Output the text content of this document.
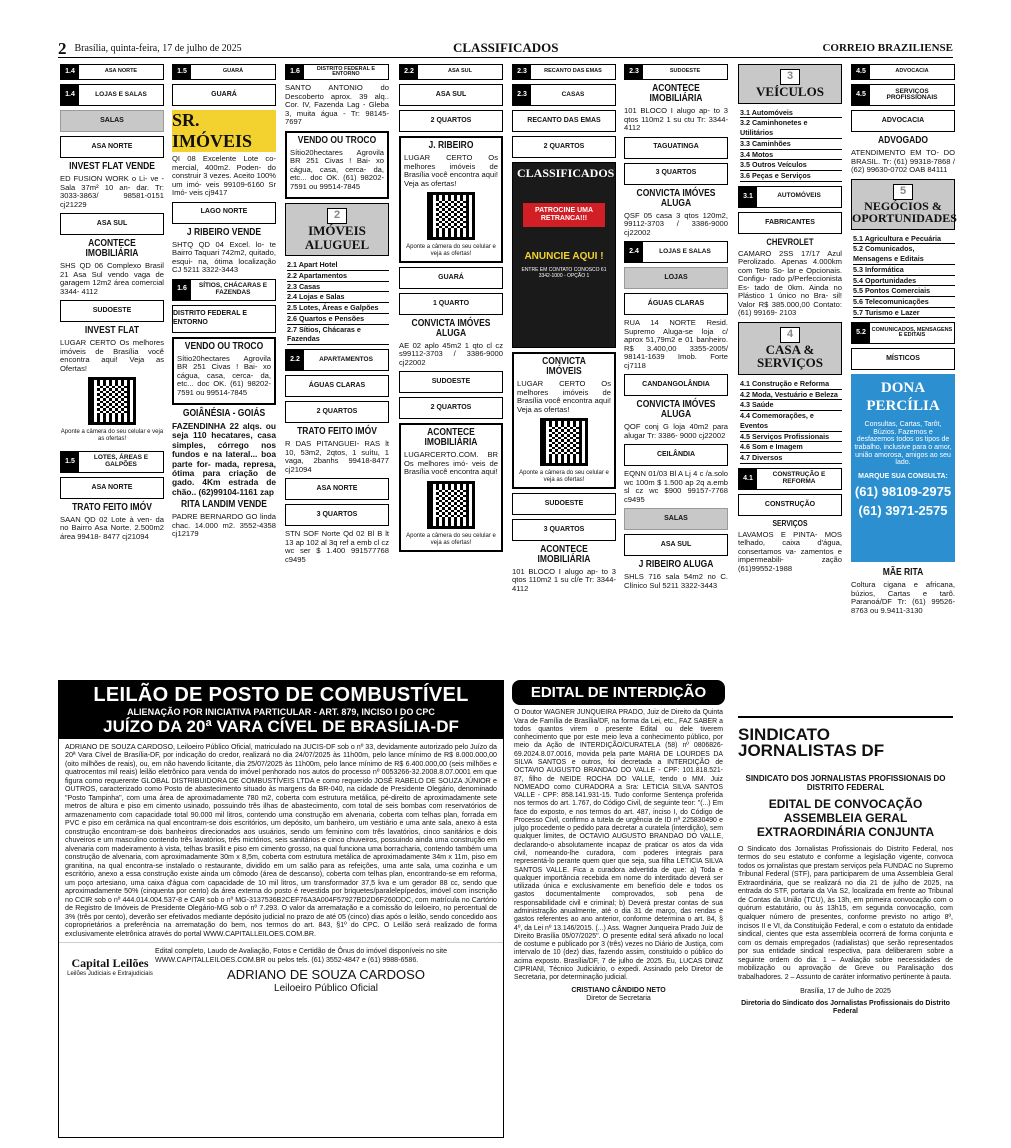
2 Brasília, quinta-feira, 17 de julho de 2025	CLASSIFICADOS	CORREIO BRAZILIENSE
1.4	ASA NORTE
1.4	LOJAS E SALAS
SALAS
ASA NORTE
INVEST FLAT VENDE
ED FUSION WORK o Li- ve - Sala 37m² 10 an- dar. Tr: 3033-3863/ 98581-0151 cj21229
ASA SUL
ACONTECE IMOBILIÁRIA
SHS QD 06 Complexo Brasil 21 Asa Sul vendo vaga de garagem 12m2 área comercial 3344- 4112
SUDOESTE
INVEST FLAT
LUGAR CERTO Os melhores imóveis de Brasília você encontra aqui! Veja as Ofertas!
Aponte a câmera do seu celular e veja as ofertas!
1.5	LOTES, ÁREAS E GALPÕES
ASA NORTE
TRATO FEITO IMÓV
SAAN QD 02 Lote à ven- da no Bairro Asa Norte. 2.500m2 área 99418- 8477 cj21094
1.5	GUARÁ
GUARÁ
SR. IMÓVEIS
QI 08 Excelente Lote co- mercial, 400m2. Poden- do construir 3 vezes. Aceito 100% um imó- veis 99109-6160 Sr Imó- veis cj9417
LAGO NORTE
J RIBEIRO VENDE
SHTQ QD 04 Excel. lo- te Bairro Taquari 742m2, quitado, esqui- na, ótima localização CJ 5211 3322-3443
1.6	SÍTIOS, CHÁCARAS E FAZENDAS
DISTRITO FEDERAL E ENTORNO
VENDO OU TROCO
Sítio20hectares Agrovila BR 251 Civas ! Bai- xo cágua, casa, cerca- da, etc... doc OK. (61) 98202-7591 ou 99514-7845
GOIÂNÉSIA - GOIÁS
FAZENDINHA 22 alqs. ou seja 110 hecatares, casa simples, córrego nos fundos e na lateral... boa parte for- mada, represa, ótima para criação de gado. 4Km estrada de chão.. (62)99104-1161 zap
RITA LANDIM VENDE
PADRE BERNARDO GO linda chac. 14.000 m2. 3552-4358 cj12179
1.6	DISTRITO FEDERAL E ENTORNO
SANTO ANTONIO do Descoberto aprox. 39 alq.. Cor. IV, Fazenda Lag - Gleba 3, muita água - Tr: 98145-7697
VENDO OU TROCO
Sítio20hectares Agrovila BR 251 Civas ! Bai- xo cágua, casa, cerca- da, etc... doc OK. (61) 98202-7591 ou 99514-7845
2
IMÓVEIS ALUGUEL
2.1 Apart Hotel
2.2 Apartamentos
2.3 Casas
2.4 Lojas e Salas
2.5 Lotes, Áreas e Galpões
2.6 Quartos e Pensões
2.7 Sítios, Chácaras e Fazendas
2.2	APARTAMENTOS
ÁGUAS CLARAS
2 QUARTOS
TRATO FEITO IMÓV
R DAS PITANGUEI- RAS lt 10, 53m2, 2qtos, 1 suítu, 1 vaga, 2banhs 99418-8477 cj21094
ASA NORTE
3 QUARTOS
STN SOF Norte Qd 02 Bl B lt 13 ap 102 al 3q ref a emb cl cz wc ser $ 1.400 991577768 c9495
2.2	ASA SUL
ASA SUL
2 QUARTOS
J. RIBEIRO
LUGAR CERTO Os melhores imóveis de Brasília você encontra aqui! Veja as ofertas!
Aponte a câmera do seu celular e veja as ofertas!
GUARÁ
1 QUARTO
CONVICTA IMÓVES ALUGA
AE 02 aplo 45m2 1 qto cl cz s99112-3703 / 3386-9000 cj22002
SUDOESTE
2 QUARTOS
ACONTECE IMOBILIÁRIA
LUGARCERTO.COM. BR Os melhores imó- veis de Brasília você encontra aqui!
Aponte a câmera do seu celular e veja as ofertas!
2.3	RECANTO DAS EMAS
2.3	CASAS
RECANTO DAS EMAS
2 QUARTOS
CLASSIFICADOS
PATROCINE UMA RETRANCA!!!
ANUNCIE AQUI !
ENTRE EM CONTATO CONOSCO 61 3342-1000 - OPÇÃO 1
CONVICTA IMÓVEIS
LUGAR CERTO Os melhores imóveis de Brasília você encontra aqui! Veja as ofertas!
Aponte a câmera do seu celular e veja as ofertas!
SUDOESTE
3 QUARTOS
ACONTECE IMOBILIÁRIA
101 BLOCO I alugo ap- to 3 qtos 110m2 1 su cl/e Tr: 3344-4112
2.3	SUDOESTE
ACONTECE IMOBILIÁRIA
101 BLOCO I alugo ap- to 3 qtos 110m2 1 su ctu Tr: 3344-4112
TAGUATINGA
3 QUARTOS
CONVICTA IMÓVES ALUGA
QSF 05 casa 3 qtos 120m2, 99112-3703 / 3386-9000 cj22002
2.4	LOJAS E SALAS
LOJAS
ÁGUAS CLARAS
RUA 14 NORTE Resid. Supremo Aluga-se loja c/ aprox 51,79m2 e 01 banheiro. R$ 3.400,00 3355-2005/ 98141-1639 Imob. Forte cj7118
CANDANGOLÂNDIA
CONVICTA IMÓVES ALUGA
QOF conj G loja 40m2 para alugar Tr: 3386- 9000 cj22002
CEILÂNDIA
EQNN 01/03 Bl A Lj 4 c /a.solo wc 100m $ 1.500 ap 2q a.emb sl cz wc $900 99157-7768 c9495
SALAS
ASA SUL
J RIBEIRO ALUGA
SHLS 716 sala 54m2 no C. Clínico Sul 5211 3322-3443
3
VEÍCULOS
3.1 Automóveis
3.2 Caminhonetes e Utilitários
3.3 Caminhões
3.4 Motos
3.5 Outros Veículos
3.6 Peças e Serviços
3.1	AUTOMÓVEIS
FABRICANTES
CHEVROLET
CAMARO 2SS 17/17 Azul Perolizado. Apenas 4.000km com Teto So- lar e Opcionais. Configu- rado p/Perfeccionista Es- tado de 0km. Ainda no Plástico 1 único no Bra- sil! Valor R$ 385.000,00 Contato: (61) 99169- 2103
4
CASA & SERVIÇOS
4.1 Construção e Reforma
4.2 Moda, Vestuário e Beleza
4.3 Saúde
4.4 Comemorações, e Eventos
4.5 Serviços Profissionais
4.6 Som e Imagem
4.7 Diversos
4.1	CONSTRUÇÃO E REFORMA
CONSTRUÇÃO
SERVIÇOS
LAVAMOS E PINTA- MOS telhado, caixa d'água, consertamos va- zamentos e impermeabili- zação (61)99552-1988
4.5	ADVOCACIA
4.5	SERVIÇOS PROFISSIONAIS
ADVOCACIA
ADVOGADO
ATENDIMENTO EM TO- DO BRASIL. Tr: (61) 99318-7868 / (62) 99630-0702 OAB 84111
5
NEGÓCIOS & OPORTUNIDADES
5.1 Agricultura e Pecuária
5.2 Comunicados, Mensagens e Editais
5.3 Informática
5.4 Oportunidades
5.5 Pontos Comerciais
5.6 Telecomunicações
5.7 Turismo e Lazer
5.2	COMUNICADOS, MENSAGENS E EDITAIS
MÍSTICOS
DONA PERCÍLIA
Consultas, Cartas, Tarôt, Búzios. Fazemos e desfazemos todos os tipos de trabalho, inclusive para o amor, união amorosa, amigos ao seu lado.
MARQUE SUA CONSULTA:
(61) 98109-2975
(61) 3971-2575
MÃE RITA
Coltura cigana e africana, búzios, Cartas e tarô. Paranoá/DF Tr: (61) 99526-8763 ou 9.9411-3130
LEILÃO DE POSTO DE COMBUSTÍVEL
ALIENAÇÃO POR INICIATIVA PARTICULAR - ART. 879, INCISO I DO CPC
JUÍZO DA 20ª VARA CÍVEL DE BRASÍLIA-DF
ADRIANO DE SOUZA CARDOSO, Leiloeiro Público Oficial, matriculado na JUCIS-DF sob o nº 33, devidamente autorizado pelo Juízo da 20ª Vara Cível de Brasília-DF, por indicação do credor, realizará no dia 24/07/2025 às 11h00m, pelo lance mínimo de R$ 8.000.000,00 (oito milhões de reais), ou, em não havendo licitante, dia 25/07/2025 às 11h00m, pelo lance mínimo de R$ 6.400.000,00 (seis milhões e quatrocentos mil reais) leilão eletrônico para venda do imóvel penhorado nos autos do processo nº 0053266-32.2008.8.07.0001 em que figura como requerente GLOBAL DISTRIBUIDORA DE COMBUSTÍVEIS LTDA e como requerido JOSÉ RABELO DE SOUZA JÚNIOR e OUTROS, caracterizado como Posto de abastecimento situado às margens da BR-040, na cidade de Presidente Olegário, denominado "Posto Tampinha", com uma área de aproximadamente 780 m2, coberta com estrutura metálica, pé-direito de aproximadamente sete metros de altura e piso em cimento usinado, possuindo três ilhas de abastecimento, com total de seis bombas com reservatórios de armazenamento com capacidade total 90.000 mil litros, contendo uma construção em alvenaria, coberta com telhas plan, forrada em PVC e piso em cerâmica na qual encontram-se dois escritórios, um depósito, um banheiro, um vestiário e uma ante sala, anexo à esta construção encontram-se dois banheiros direcionados aos usuários, sendo um feminino com três lavatórios, cinco sanitários e dois chuveiros e um masculino contendo três lavatórios, três mictórios, seis sanitários e cinco chuveiros, possuindo ainda uma construção em alvenaria com madeiramento à vista, telhas brasilit e piso em cimento grosso, na qual funciona uma borracharia, contendo também uma construção de alvenaria, com aproximadamente 30m x 8,5m, coberta com estrutura metálica de aproximadamente 34m x 11m, piso em granitina, na qual encontra-se instalado o restaurante, dividido em um salão para as refeições, uma ante sala, uma cozinha e um escritório, anexo a essa construção existe ainda um cômodo (área de descanso), coberta com telhas plan, encontrando-se em reforma, um poço artesiano, uma caixa d'água com capacidade de 10 mil litros, um transformador 37,5 kva e um gerador 88 cc, sendo que aproximadamente 50% (cinquenta por cento) da área externa do posto é revestida por briquetes/paralelepípedos, imóvel com inscrição no CCIR sob o nº 444.014.004.537-8 e CAR sob o nº MG-3137536B2CEF76A3A004F57927BD2D6F260DDC, com matrícula no Cartório de Registro de Imóveis de Presidente Olegário-MG sob o nº 7.293. O valor da arrematação e a comissão do leiloeiro, no percentual de 3% (três por cento), deverão ser efetivados mediante depósito judicial no prazo de até 05 (cinco) dias após o leilão, sendo concedido aos coproprietários a preferência na arrematação do bem, nos termos do art. 843, §1º do CPC. O Leilão será realizado de forma exclusivamente eletrônica através do portal WWW.CAPITALLEILOES.COM.BR.
Capital Leilões
Leilões Judiciais e Extrajudiciais
Edital completo, Laudo de Avaliação, Fotos e Certidão de Ônus do imóvel disponíveis no site WWW.CAPITALLEILOES.COM.BR ou pelos tels. (61) 3552-4847 e (61) 9988-6586.
ADRIANO DE SOUZA CARDOSO
Leiloeiro Público Oficial
EDITAL DE INTERDIÇÃO
O Doutor WAGNER JUNQUEIRA PRADO, Juiz de Direito da Quinta Vara de Família de Brasília/DF, na forma da Lei, etc., FAZ SABER a todos quantos virem o presente Edital ou dele tiverem conhecimento que por este meio leva a conhecimento público, por meio da Ação de INTERDIÇÃO/CURATELA (58) nº 0806826-69.2024.8.07.0016, movida pela parte MARIA DE LOURDES DA SILVA SANTOS e outros, foi decretada a INTERDIÇÃO de OCTAVIO AUGUSTO BRANDAO DO VALLE - CPF: 101.818.521-87, filho de NEIDE ROCHA DO VALLE, tendo o MM. Juiz NOMEADO como CURADORA a Sra: LETICIA SILVA SANTOS VALLE - CPF: 858.141.931-15. Tudo conforme Sentença proferida nos termos do art. 1.767, do Código Civil, de seguinte teor: "(...) Em face do exposto, e nos termos do art. 487, inciso I, do Código de Processo Civil, confirmo a tutela de urgência de ID nº 225830490 e julgo procedente o pedido para decretar a curatela (interdição), sem qualquer limites, de OCTAVIO AUGUSTO BRANDAO DO VALLE, declarando-o absolutamente incapaz de praticar os atos da vida civil, nomeando-lhe curadora, com poderes integrais para representá-lo perante quem quer que seja, sua filha LETICIA SILVA SANTOS VALLE. Fica a curadora advertida de que: a) Toda e qualquer importância recebida em nome do interditado deverá ser utilizada única e exclusivamente em benefício dele e todos os gastos documentalmente comprovados, sob pena de responsabilidade civil e criminal; b) Deverá prestar contas de sua administração anualmente, até o dia 31 de março, das rendas e gastos referentes ao ano anterior, conforme determina o art. 84, § 4º, da Lei nº 13.146/2015. (...) Ass. Wagner Junqueira Prado Juiz de Direito Brasília 05/07/2025". O presente edital será afixado no local de costume e publicado por 3 (três) vezes no Diário de Justiça, com intervalo de 10 (dez) dias, fazendo assim, constituído o público do acima exposto. Brasília/DF, 7 de julho de 2025. Eu, LUCAS DINIZ CIPRIANI, Técnico Judiciário, o expedi. Assinado pelo Diretor de Secretaria, por determinação judicial.
CRISTIANO CÂNDIDO NETO
Diretor de Secretaria
SINDICATO JORNALISTAS DF
SINDICATO DOS JORNALISTAS PROFISSIONAIS DO DISTRITO FEDERAL
EDITAL DE CONVOCAÇÃO ASSEMBLEIA GERAL EXTRAORDINÁRIA CONJUNTA
O Sindicato dos Jornalistas Profissionais do Distrito Federal, nos termos do seu estatuto e conforme a legislação vigente, convoca todos os jornalistas que prestam serviços pela FUNDAC no Supremo Tribunal Federal (STF), para participarem de uma Assembleia Geral Extraordinária, que se realizará no dia 21 de julho de 2025, na entrada do STF, portaria da Via S2, localizada em frente ao Tribunal de Contas da União (TCU), às 13h, em primeira convocação com o quórum estatutário, ou às 13h15, em segunda convocação, com qualquer número de presentes, conforme previsto no artigo 8º, incisos II e VI, da Constituição Federal, e com o estatuto da entidade sindical, cientes que esta assembleia ocorrerá de forma conjunta e com os demais empregados (radialistas) que serão representados por sua entidade sindical respectiva, para deliberarem sobre a seguinte ordem do dia: 1 – Avaliação sobre necessidades de mobilização ou aprovação de Greve ou Paralisação dos trabalhadores. 2 – Assunto de caráter informativo pertinente à pauta.
Brasília, 17 de Julho de 2025
Diretoria do Sindicato dos Jornalistas Profissionais do Distrito Federal
